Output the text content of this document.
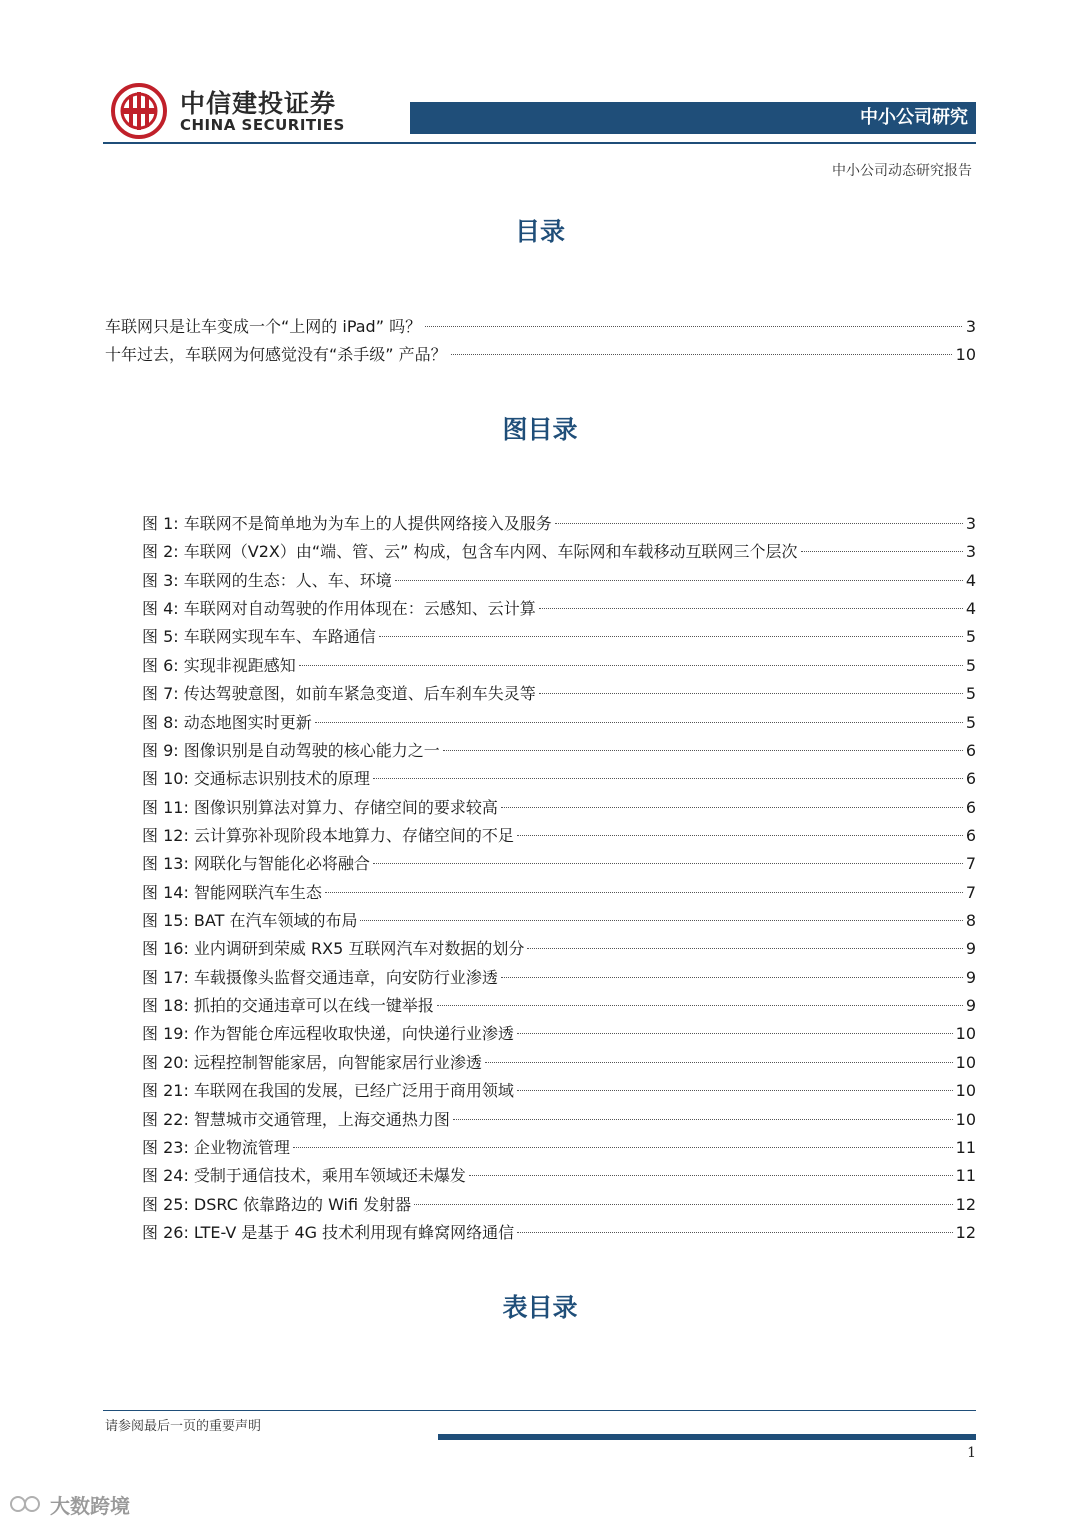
中信建投证券
CHINA SECURITIES	中小公司研究
中小公司动态研究报告
目录
车联网只是让车变成一个“上网的 iPad” 吗？	3
十年过去，车联网为何感觉没有“杀手级” 产品？	10
图目录
图 1: 车联网不是简单地为为车上的人提供网络接入及服务	3
图 2: 车联网（V2X）由“端、管、云” 构成，包含车内网、车际网和车载移动互联网三个层次	3
图 3: 车联网的生态：人、车、环境	4
图 4: 车联网对自动驾驶的作用体现在：云感知、云计算	4
图 5: 车联网实现车车、车路通信	5
图 6: 实现非视距感知	5
图 7: 传达驾驶意图，如前车紧急变道、后车刹车失灵等	5
图 8: 动态地图实时更新	5
图 9: 图像识别是自动驾驶的核心能力之一	6
图 10: 交通标志识别技术的原理	6
图 11: 图像识别算法对算力、存储空间的要求较高	6
图 12: 云计算弥补现阶段本地算力、存储空间的不足	6
图 13: 网联化与智能化必将融合	7
图 14: 智能网联汽车生态	7
图 15: BAT 在汽车领域的布局	8
图 16: 业内调研到荣威 RX5 互联网汽车对数据的划分	9
图 17: 车载摄像头监督交通违章，向安防行业渗透	9
图 18: 抓拍的交通违章可以在线一键举报	9
图 19: 作为智能仓库远程收取快递，向快递行业渗透	10
图 20: 远程控制智能家居，向智能家居行业渗透	10
图 21: 车联网在我国的发展，已经广泛用于商用领域	10
图 22: 智慧城市交通管理，上海交通热力图	10
图 23: 企业物流管理	11
图 24: 受制于通信技术，乘用车领域还未爆发	11
图 25: DSRC 依靠路边的 Wifi 发射器	12
图 26: LTE-V 是基于 4G 技术利用现有蜂窝网络通信	12
表目录
请参阅最后一页的重要声明
1
大数跨境
